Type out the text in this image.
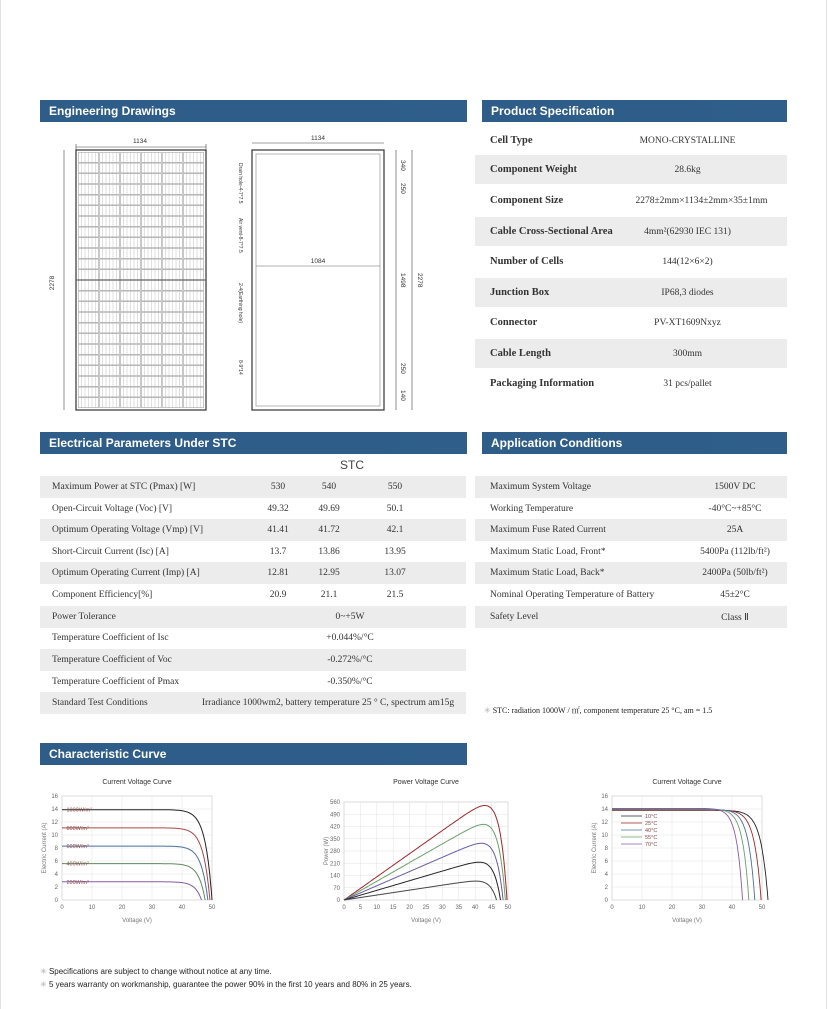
Engineering Drawings	Product Specification
Electrical Parameters Under STC	Application Conditions
Characteristic Curve
1134
2278
1134
1084
Drain hole-4-7*7.5
Air vent-8-7*7.5
2-4(Earthing hole)
8-9*14
340
250
1498
250
140
2278
Cell Type	MONO-CRYSTALLINE
Component Weight	28.6kg
Component Size	2278±2mm×1134±2mm×35±1mm
Cable Cross-Sectional Area	4mm²(62930 IEC 131)
Number of Cells	144(12×6×2)
Junction Box	IP68,3 diodes
Connector	PV-XT1609Nxyz
Cable Length	300mm
Packaging Information	31 pcs/pallet
STC
Maximum Power at STC (Pmax) [W]	530	540	550
Open-Circuit Voltage (Voc) [V]	49.32	49.69	50.1
Optimum Operating Voltage (Vmp) [V]	41.41	41.72	42.1
Short-Circuit Current (Isc) [A]	13.7	13.86	13.95
Optimum Operating Current (Imp) [A]	12.81	12.95	13.07
Component Efficiency[%]	20.9	21.1	21.5
Power Tolerance	0~+5W
Temperature Coefficient of Isc	+0.044%/°C
Temperature Coefficient of Voc	-0.272%/°C
Temperature Coefficient of Pmax	-0.350%/°C
Standard Test Conditions	Irradiance 1000wm2, battery temperature 25 ° C, spectrum am15g
Maximum System Voltage	1500V DC
Working Temperature	-40°C~+85°C
Maximum Fuse Rated Current	25A
Maximum Static Load, Front*	5400Pa (112lb/ft²)
Maximum Static Load, Back*	2400Pa (50lb/ft²)
Nominal Operating Temperature of Battery	45±2°C
Safety Level	Class Ⅱ
✳ STC: radiation 1000W / ㎡, component temperature 25 °C, am = 1.5
Current Voltage Curve
0
2
4
6
8
10
12
14
16
0	10	20	30	40	50
Voltage (V)
Electric Current (A)
1000W/m²
800W/m²
600W/m²
400W/m²
200W/m²
Power Voltage Curve
0
70
140
210
280
350
420
490
560
0 5 10 15 20 25 30 35 40 45 50
Voltage (V)
Power (W)
Current Voltage Curve
0
2
4
6
8
10
12
14
16
0	10	20	30	40	50
Voltage (V)
Electric Current (A)
10°C
25°C
40°C
55°C
70°C
✳ Specifications are subject to change without notice at any time.
✳ 5 years warranty on workmanship, guarantee the power 90% in the first 10 years and 80% in 25 years.
